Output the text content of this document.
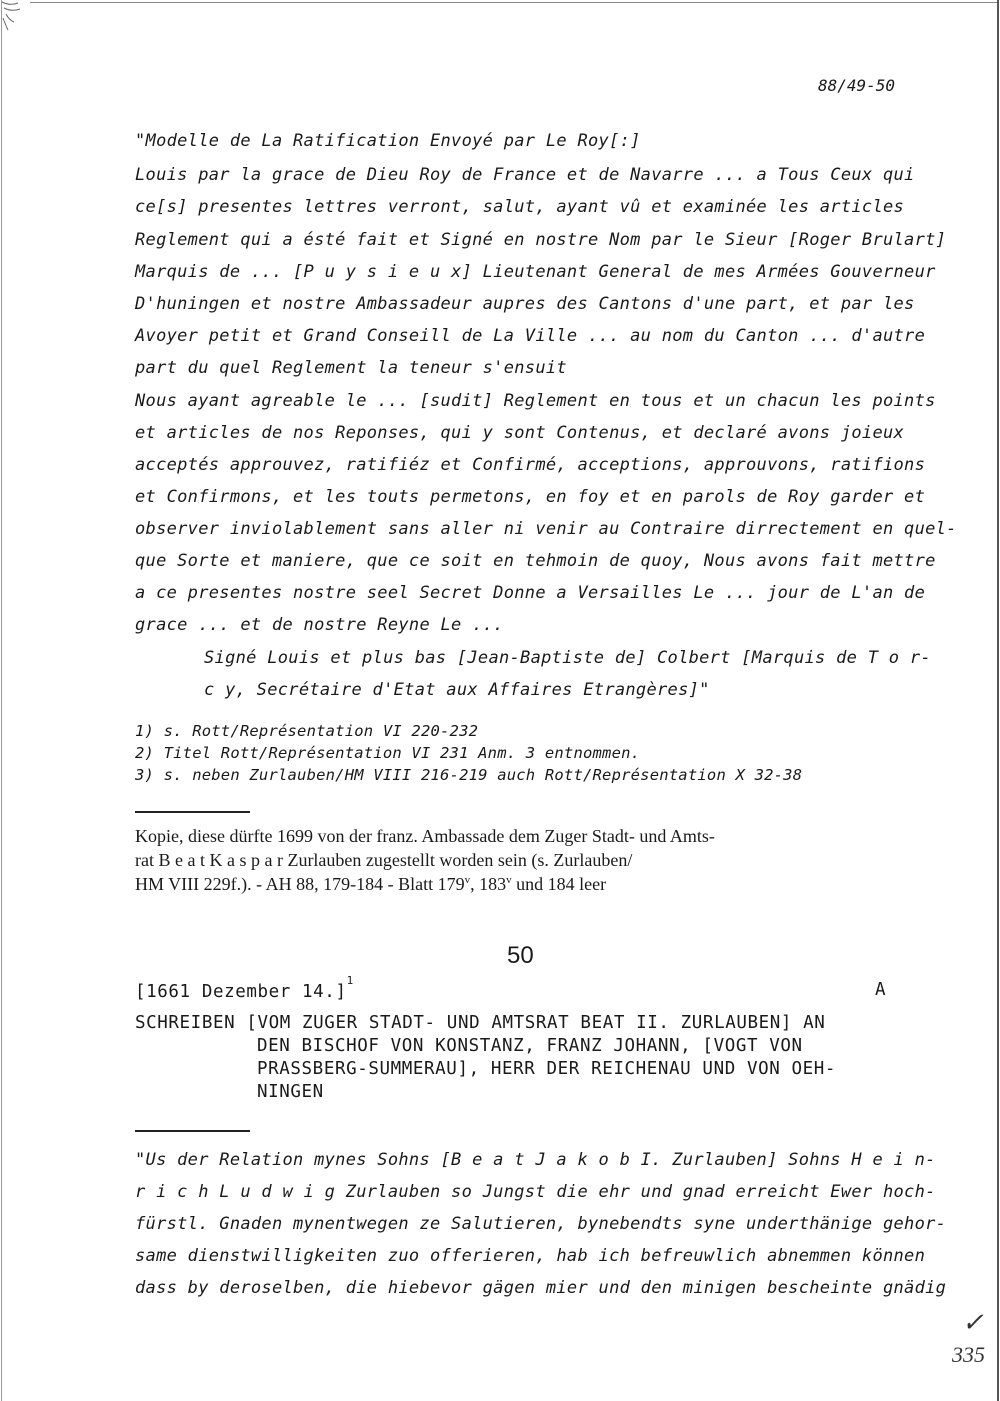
88/49-50
"Modelle de La Ratification Envoyé par Le Roy[:]
Louis par la grace de Dieu Roy de France et de Navarre ... a Tous Ceux qui
ce[s] presentes lettres verront, salut, ayant vû et examinée les articles
Reglement qui a ésté fait et Signé en nostre Nom par le Sieur [Roger Brulart]
Marquis de ... [P u y s i e u x] Lieutenant General de mes Armées Gouverneur
D'huningen et nostre Ambassadeur aupres des Cantons d'une part, et par les
Avoyer petit et Grand Conseill de La Ville ... au nom du Canton ... d'autre
part du quel Reglement la teneur s'ensuit
Nous ayant agreable le ... [sudit] Reglement en tous et un chacun les points
et articles de nos Reponses, qui y sont Contenus, et declaré avons joieux
acceptés approuvez, ratifiéz et Confirmé, acceptions, approuvons, ratifions
et Confirmons, et les touts permetons, en foy et en parols de Roy garder et
observer inviolablement sans aller ni venir au Contraire dirrectement en quel-
que Sorte et maniere, que ce soit en tehmoin de quoy, Nous avons fait mettre
a ce presentes nostre seel Secret Donne a Versailles Le ... jour de L'an de
grace ... et de nostre Reyne Le ...
Signé Louis et plus bas [Jean-Baptiste de] Colbert [Marquis de T o r-
c y, Secrétaire d'Etat aux Affaires Etrangères]"
1) s. Rott/Représentation VI 220-232
2) Titel Rott/Représentation VI 231 Anm. 3 entnommen.
3) s. neben Zurlauben/HM VIII 216-219 auch Rott/Représentation X 32-38
Kopie, diese dürfte 1699 von der franz. Ambassade dem Zuger Stadt- und Amts-
rat B e a t K a s p a r Zurlauben zugestellt worden sein (s. Zurlauben/
HM VIII 229f.). - AH 88, 179-184 - Blatt 179$^v$, 183$^v$ und 184 leer
50
[1661 Dezember 14.]$^1$	A
SCHREIBEN [VOM ZUGER STADT- UND AMTSRAT BEAT II. ZURLAUBEN] AN
DEN BISCHOF VON KONSTANZ, FRANZ JOHANN, [VOGT VON
PRASSBERG-SUMMERAU], HERR DER REICHENAU UND VON OEH-
NINGEN
"Us der Relation mynes Sohns [B e a t J a k o b I. Zurlauben] Sohns H e i n-
r i c h L u d w i g Zurlauben so Jungst die ehr und gnad erreicht Ewer hoch-
fürstl. Gnaden mynentwegen ze Salutieren, bynebendts syne underthänige gehor-
same dienstwilligkeiten zuo offerieren, hab ich befreuwlich abnemmen können
dass by deroselben, die hiebevor gägen mier und den minigen bescheinte gnädig
✓
335
